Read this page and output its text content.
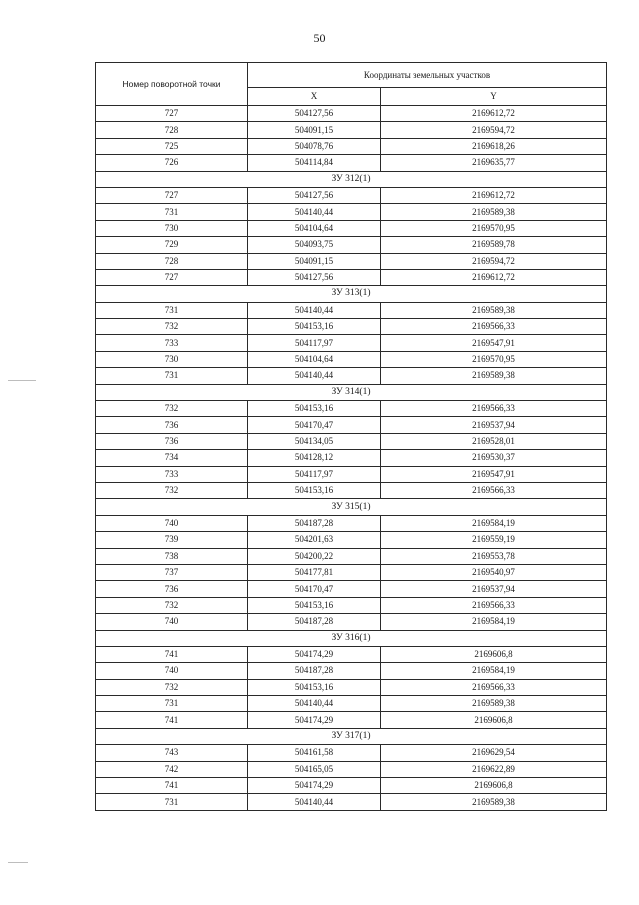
50
Номер поворотной точки	Координаты земельных участков	
	X	Y
727	504127,56	2169612,72
728	504091,15	2169594,72
725	504078,76	2169618,26
726	504114,84	2169635,77
ЗУ 312(1)		
727	504127,56	2169612,72
731	504140,44	2169589,38
730	504104,64	2169570,95
729	504093,75	2169589,78
728	504091,15	2169594,72
727	504127,56	2169612,72
ЗУ 313(1)		
731	504140,44	2169589,38
732	504153,16	2169566,33
733	504117,97	2169547,91
730	504104,64	2169570,95
731	504140,44	2169589,38
ЗУ 314(1)		
732	504153,16	2169566,33
736	504170,47	2169537,94
736	504134,05	2169528,01
734	504128,12	2169530,37
733	504117,97	2169547,91
732	504153,16	2169566,33
ЗУ 315(1)		
740	504187,28	2169584,19
739	504201,63	2169559,19
738	504200,22	2169553,78
737	504177,81	2169540,97
736	504170,47	2169537,94
732	504153,16	2169566,33
740	504187,28	2169584,19
ЗУ 316(1)		
741	504174,29	2169606,8
740	504187,28	2169584,19
732	504153,16	2169566,33
731	504140,44	2169589,38
741	504174,29	2169606,8
ЗУ 317(1)		
743	504161,58	2169629,54
742	504165,05	2169622,89
741	504174,29	2169606,8
731	504140,44	2169589,38
